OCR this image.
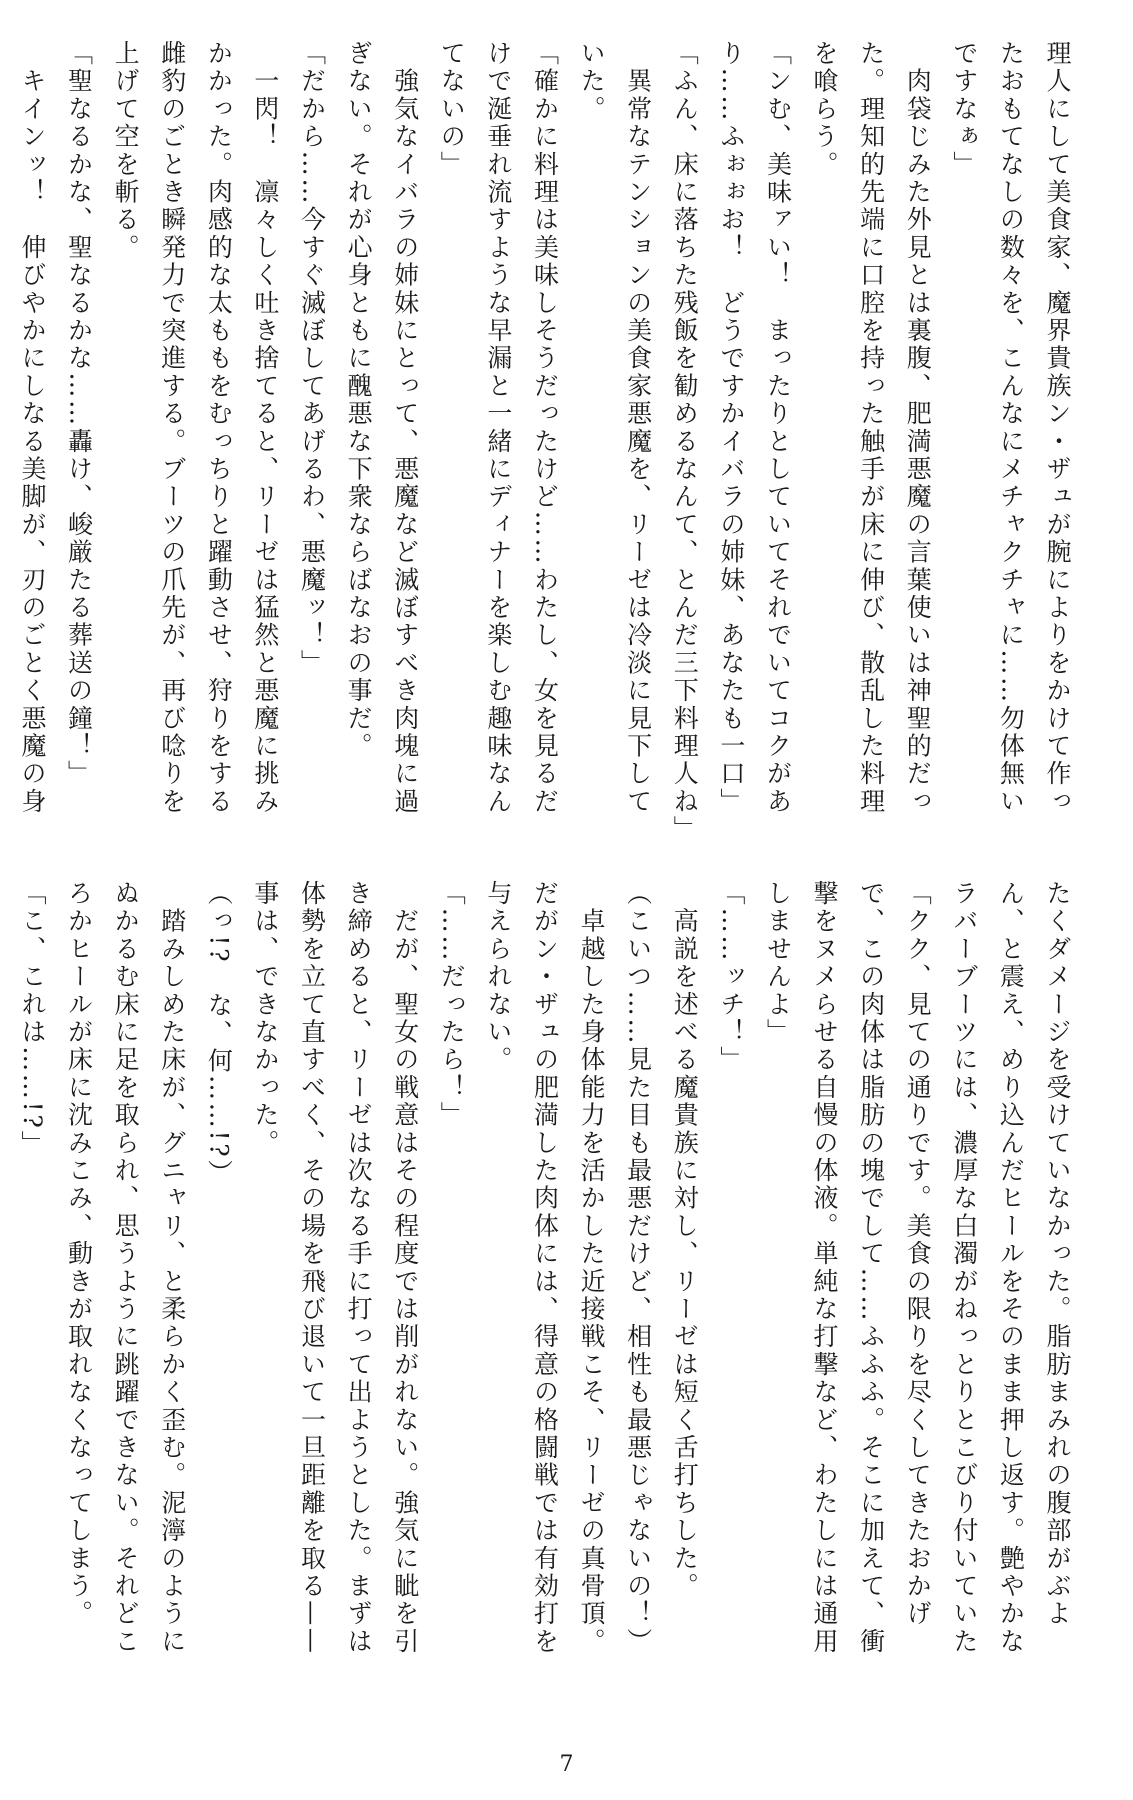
理人にして美食家、魔界貴族ン・ザュが腕によりをかけて作ったおもてなしの数々を、こんなにメチャクチャに……勿体無いですなぁ」

　肉袋じみた外見とは裏腹、肥満悪魔の言葉使いは神聖的だった。理知的先端に口腔を持った触手が床に伸び、散乱した料理を喰らう。

「ンむ、美味ァい！　まったりとしていてそれでいてコクがあり……ふぉぉお！　どうですかイバラの姉妹、あなたも一口」

「ふん、床に落ちた残飯を勧めるなんて、とんだ三下料理人ね」

　異常なテンションの美食家悪魔を、リーゼは冷淡に見下していた。

「確かに料理は美味しそうだったけど……わたし、女を見るだけで涎垂れ流すような早漏と一緒にディナーを楽しむ趣味なんてないの」

　強気なイバラの姉妹にとって、悪魔など滅ぼすべき肉塊に過ぎない。それが心身ともに醜悪な下衆ならばなおの事だ。

「だから……今すぐ滅ぼしてあげるわ、悪魔ッ！」

　一閃！　凛々しく吐き捨てると、リーゼは猛然と悪魔に挑みかかった。肉感的な太ももをむっちりと躍動させ、狩りをする雌豹のごとき瞬発力で突進する。ブーツの爪先が、再び唸りを上げて空を斬る。

「聖なるかな、聖なるかな……轟け、峻厳たる葬送の鐘！」

　キインッ！　伸びやかにしなる美脚が、刃のごとく悪魔の身

たくダメージを受けていなかった。脂肪まみれの腹部がぶよん、と震え、めり込んだヒールをそのまま押し返す。艶やかなラバーブーツには、濃厚な白濁がねっとりとこびり付いていた

「クク、見ての通りです。美食の限りを尽くしてきたおかげで、この肉体は脂肪の塊でして……ふふふ。そこに加えて、衝撃をヌメらせる自慢の体液。単純な打撃など、わたしには通用しませんよ」

「……ッチ！」

　高説を述べる魔貴族に対し、リーゼは短く舌打ちした。

（こいつ……見た目も最悪だけど、相性も最悪じゃないの！）

　卓越した身体能力を活かした近接戦こそ、リーゼの真骨頂。だがン・ザュの肥満した肉体には、得意の格闘戦では有効打を与えられない。

「……だったら！」

　だが、聖女の戦意はその程度では削がれない。強気に眦を引き締めると、リーゼは次なる手に打って出ようとした。まずは体勢を立て直すべく、その場を飛び退いて一旦距離を取る——事は、できなかった。

（っ!?　な、何……!?）

　踏みしめた床が、グニャリ、と柔らかく歪む。泥濘のようにぬかるむ床に足を取られ、思うように跳躍できない。それどころかヒールが床に沈みこみ、動きが取れなくなってしまう。

「こ、これは……!?」

7
